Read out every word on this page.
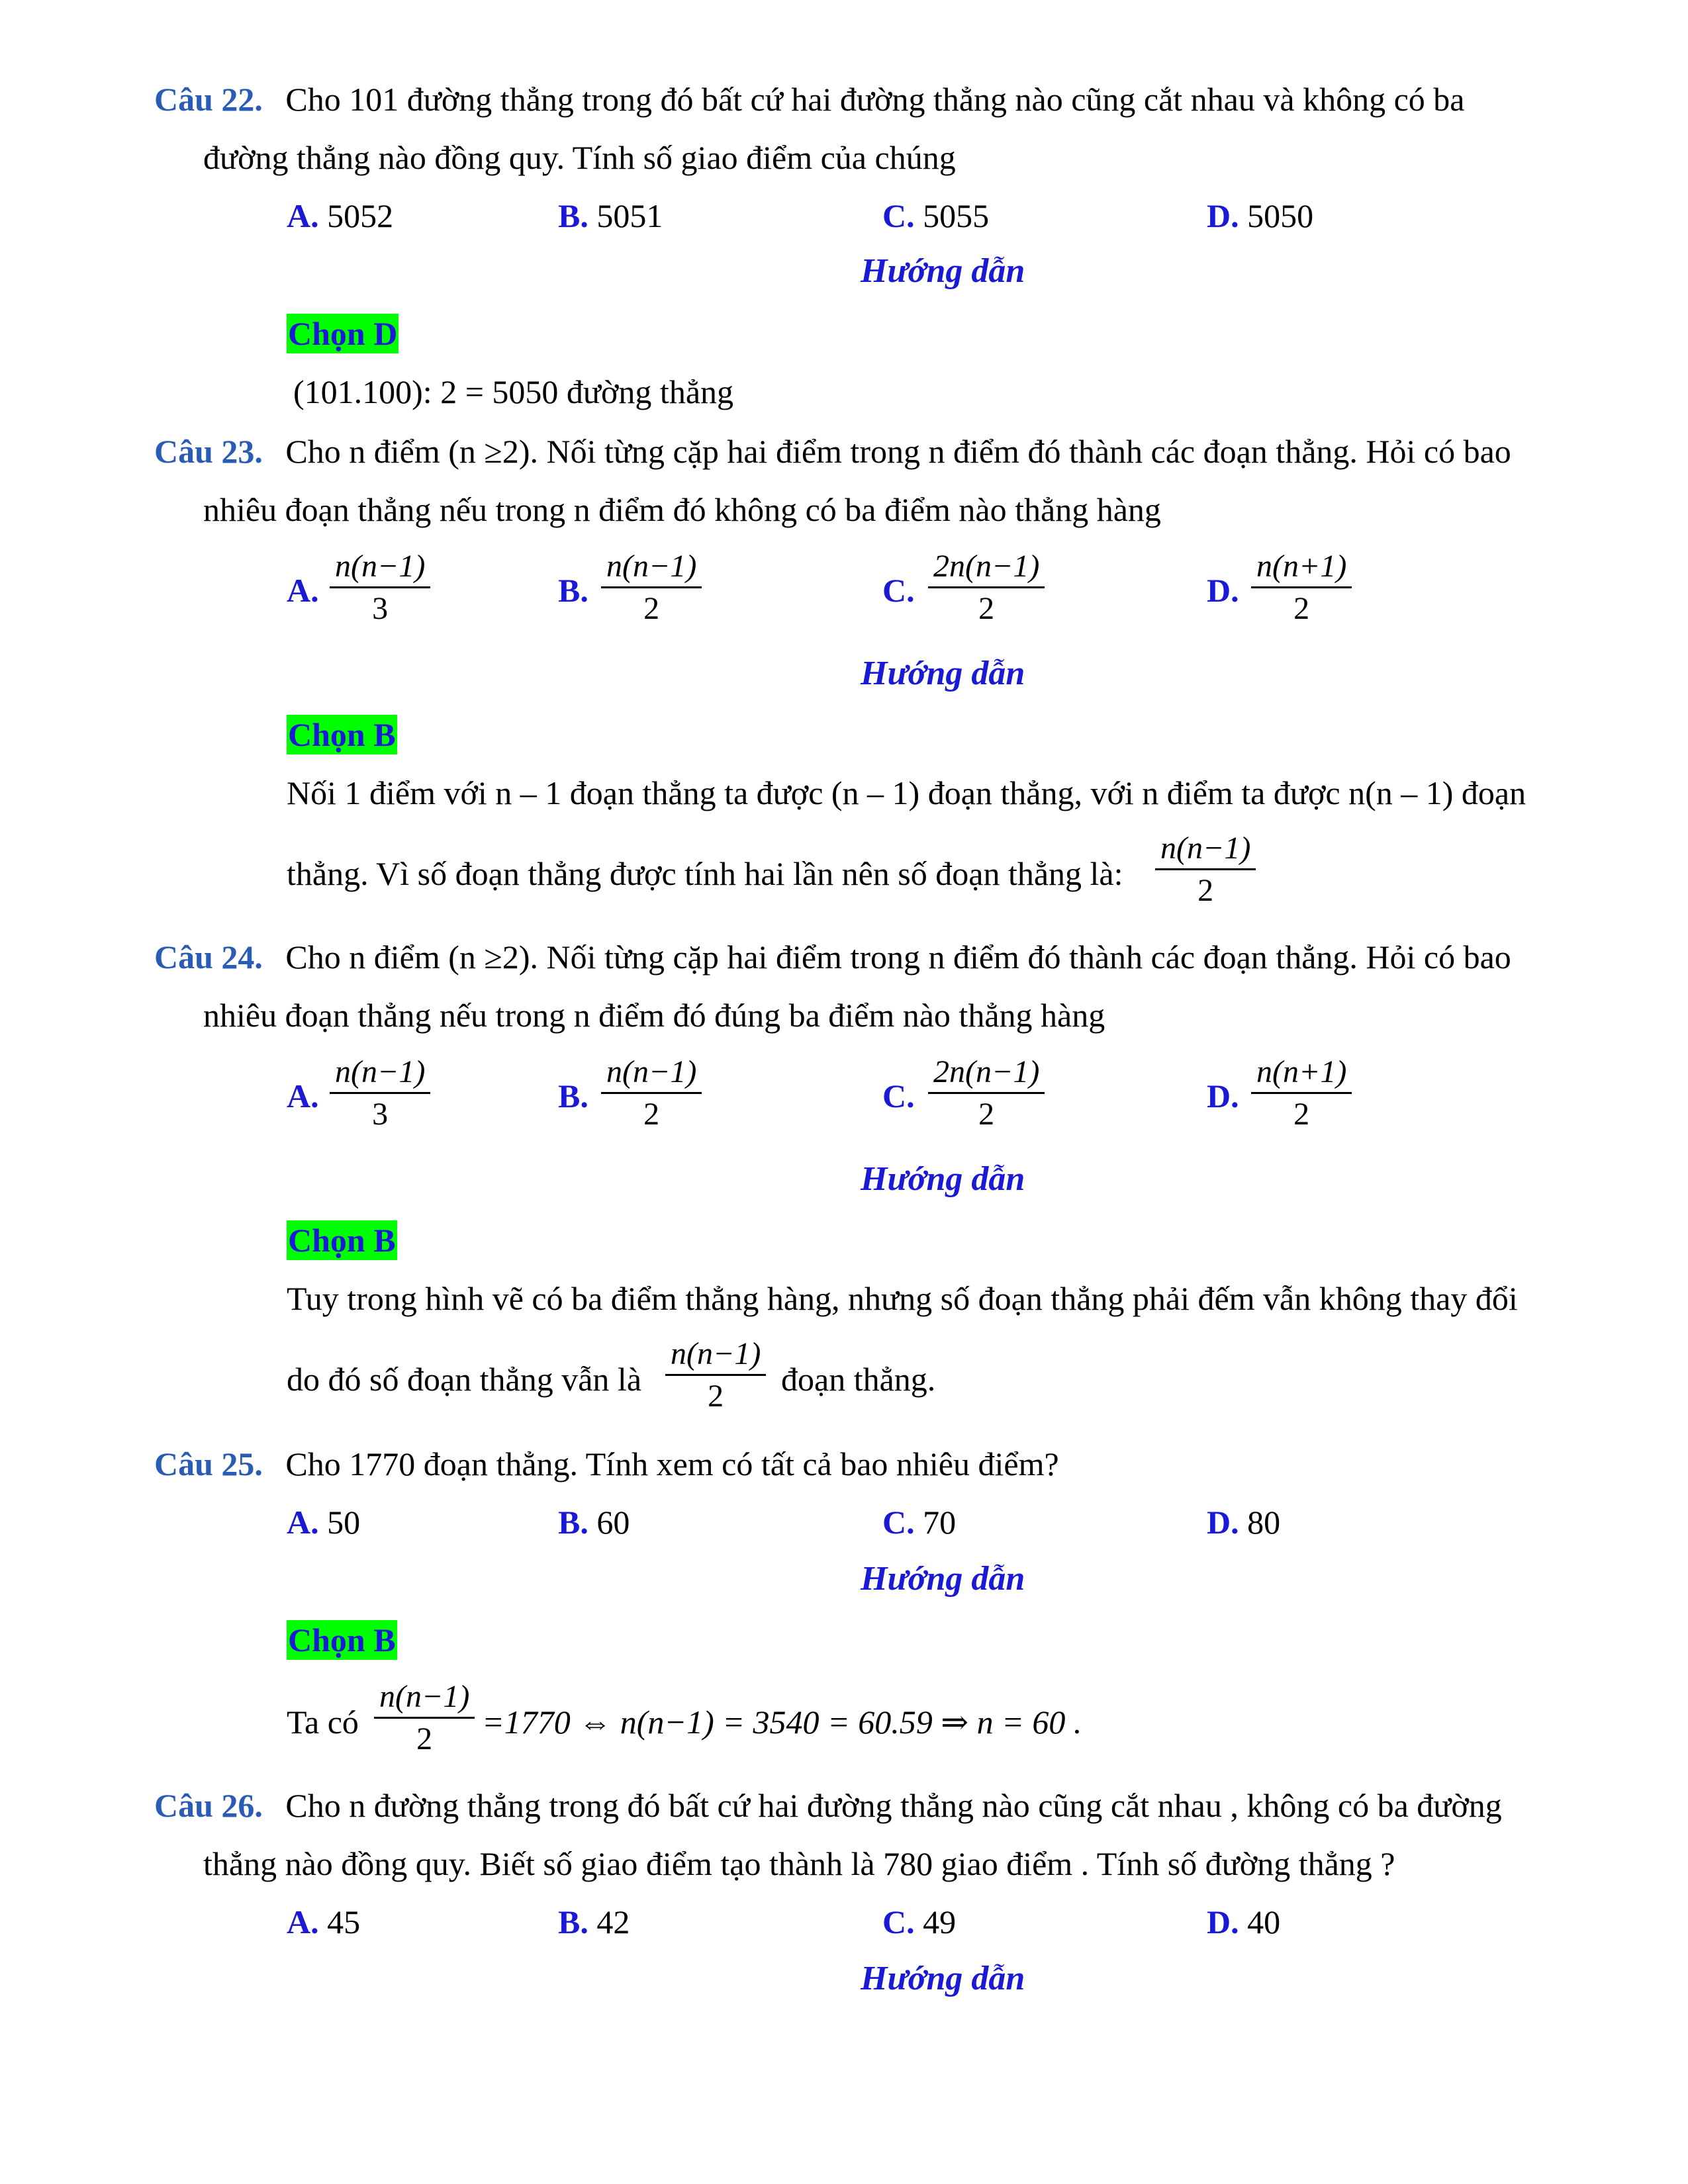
Câu 22. Cho 101 đường thẳng trong đó bất cứ hai đường thẳng nào cũng cắt nhau và không có ba
đường thẳng nào đồng quy. Tính số giao điểm của chúng
A. 5052	B. 5051	C. 5055	D. 5050
Hướng dẫn
Chọn D
(101.100): 2 = 5050 đường thẳng
Câu 23. Cho n điểm (n ≥2). Nối từng cặp hai điểm trong n điểm đó thành các đoạn thẳng. Hỏi có bao
nhiêu đoạn thẳng nếu trong n điểm đó không có ba điểm nào thẳng hàng
A. $\frac{n(n-1)}{3}$	B. $\frac{n(n-1)}{2}$	C. $\frac{2n(n-1)}{2}$	D. $\frac{n(n+1)}{2}$
Hướng dẫn
Chọn B
Nối 1 điểm với n – 1 đoạn thẳng ta được (n – 1) đoạn thẳng, với n điểm ta được n(n – 1) đoạn
thẳng. Vì số đoạn thẳng được tính hai lần nên số đoạn thẳng là: $\frac{n(n-1)}{2}$
Câu 24. Cho n điểm (n ≥2). Nối từng cặp hai điểm trong n điểm đó thành các đoạn thẳng. Hỏi có bao
nhiêu đoạn thẳng nếu trong n điểm đó đúng ba điểm nào thẳng hàng
A. $\frac{n(n-1)}{3}$	B. $\frac{n(n-1)}{2}$	C. $\frac{2n(n-1)}{2}$	D. $\frac{n(n+1)}{2}$
Hướng dẫn
Chọn B
Tuy trong hình vẽ có ba điểm thẳng hàng, nhưng số đoạn thẳng phải đếm vẫn không thay đổi
do đó số đoạn thẳng vẫn là $\frac{n(n-1)}{2}$ đoạn thẳng.
Câu 25. Cho 1770 đoạn thẳng. Tính xem có tất cả bao nhiêu điểm?
A. 50	B. 60	C. 70	D. 80
Hướng dẫn
Chọn B
Ta có $\frac{n(n-1)}{2} =1770$ ⇔ n(n−1) = 3540 = 60.59 ⇒ n = 60 .
Câu 26. Cho n đường thẳng trong đó bất cứ hai đường thẳng nào cũng cắt nhau , không có ba đường
thẳng nào đồng quy. Biết số giao điểm tạo thành là 780 giao điểm . Tính số đường thẳng ?
A. 45	B. 42	C. 49	D. 40
Hướng dẫn
